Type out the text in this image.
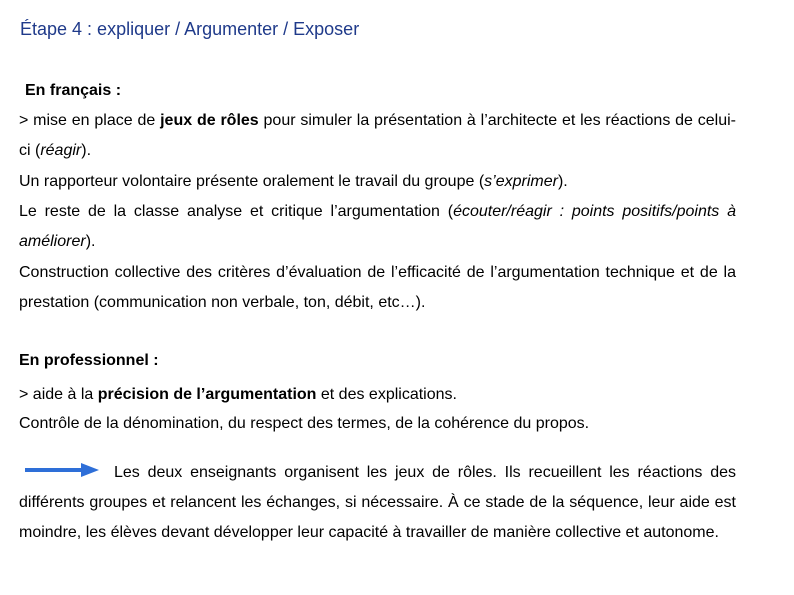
Étape 4 : expliquer / Argumenter / Exposer

En français :

> mise en place de jeux de rôles pour simuler la présentation à l’architecte et les réactions de celui-ci (réagir).

Un rapporteur volontaire présente oralement le travail du groupe (s’exprimer).

Le reste de la classe analyse et critique l’argumentation (écouter/réagir : points positifs/points à améliorer).

Construction collective des critères d’évaluation de l’efficacité de l’argumentation technique et de la prestation (communication non verbale, ton, débit, etc…).

En professionnel :

> aide à la précision de l’argumentation et des explications.

Contrôle de la dénomination, du respect des termes, de la cohérence du propos.

Les deux enseignants organisent les jeux de rôles. Ils recueillent les réactions des différents groupes et relancent les échanges, si nécessaire. À ce stade de la séquence, leur aide est moindre, les élèves devant développer leur capacité à travailler de manière collective et autonome.
